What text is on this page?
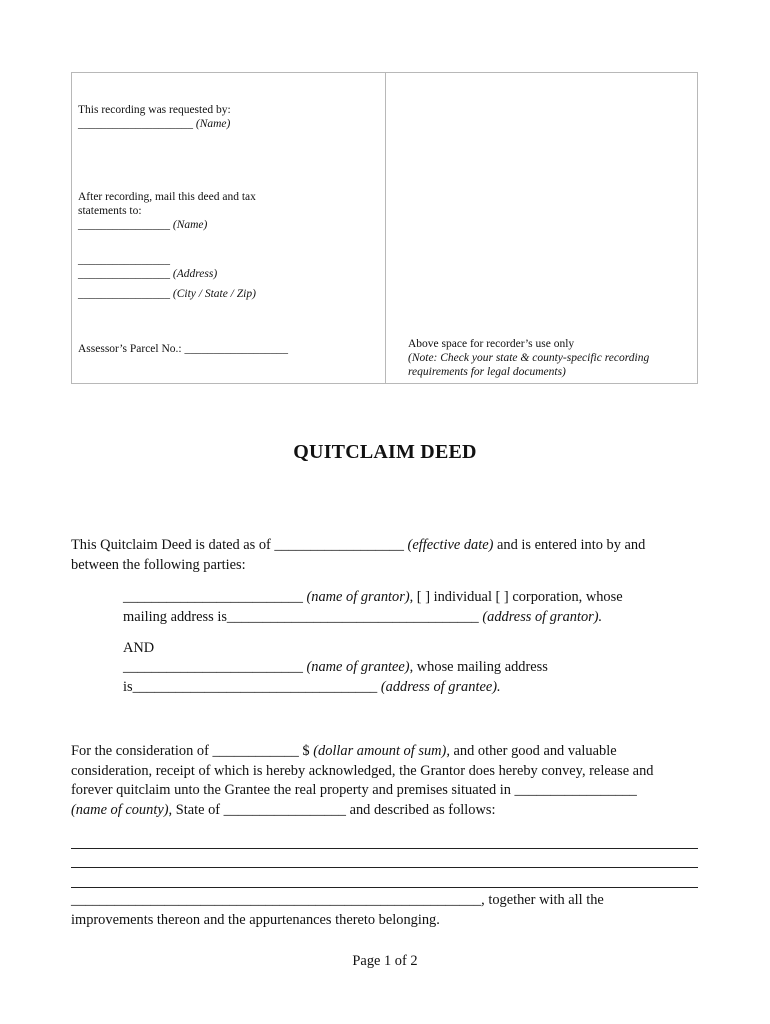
This recording was requested by:
____________________ (Name)

After recording, mail this deed and tax
statements to:
________________ (Name)

________________
________________ (Address)

________________ (City / State / Zip)

Assessor’s Parcel No.: __________________	Above space for recorder’s use only
(Note: Check your state & county-specific recording
requirements for legal documents)

QUITCLAIM DEED

This Quitclaim Deed is dated as of __________________ (effective date) and is entered into by and
between the following parties:

_________________________ (name of grantor), [ ] individual [ ] corporation, whose
mailing address is___________________________________ (address of grantor).

AND

_________________________ (name of grantee), whose mailing address
is__________________________________ (address of grantee).

For the consideration of ____________ $ (dollar amount of sum), and other good and valuable
consideration, receipt of which is hereby acknowledged, the Grantor does hereby convey, release and
forever quitclaim unto the Grantee the real property and premises situated in _________________
(name of county), State of _________________ and described as follows:

_________________________________________________________, together with all the
improvements thereon and the appurtenances thereto belonging.

Page 1 of 2
